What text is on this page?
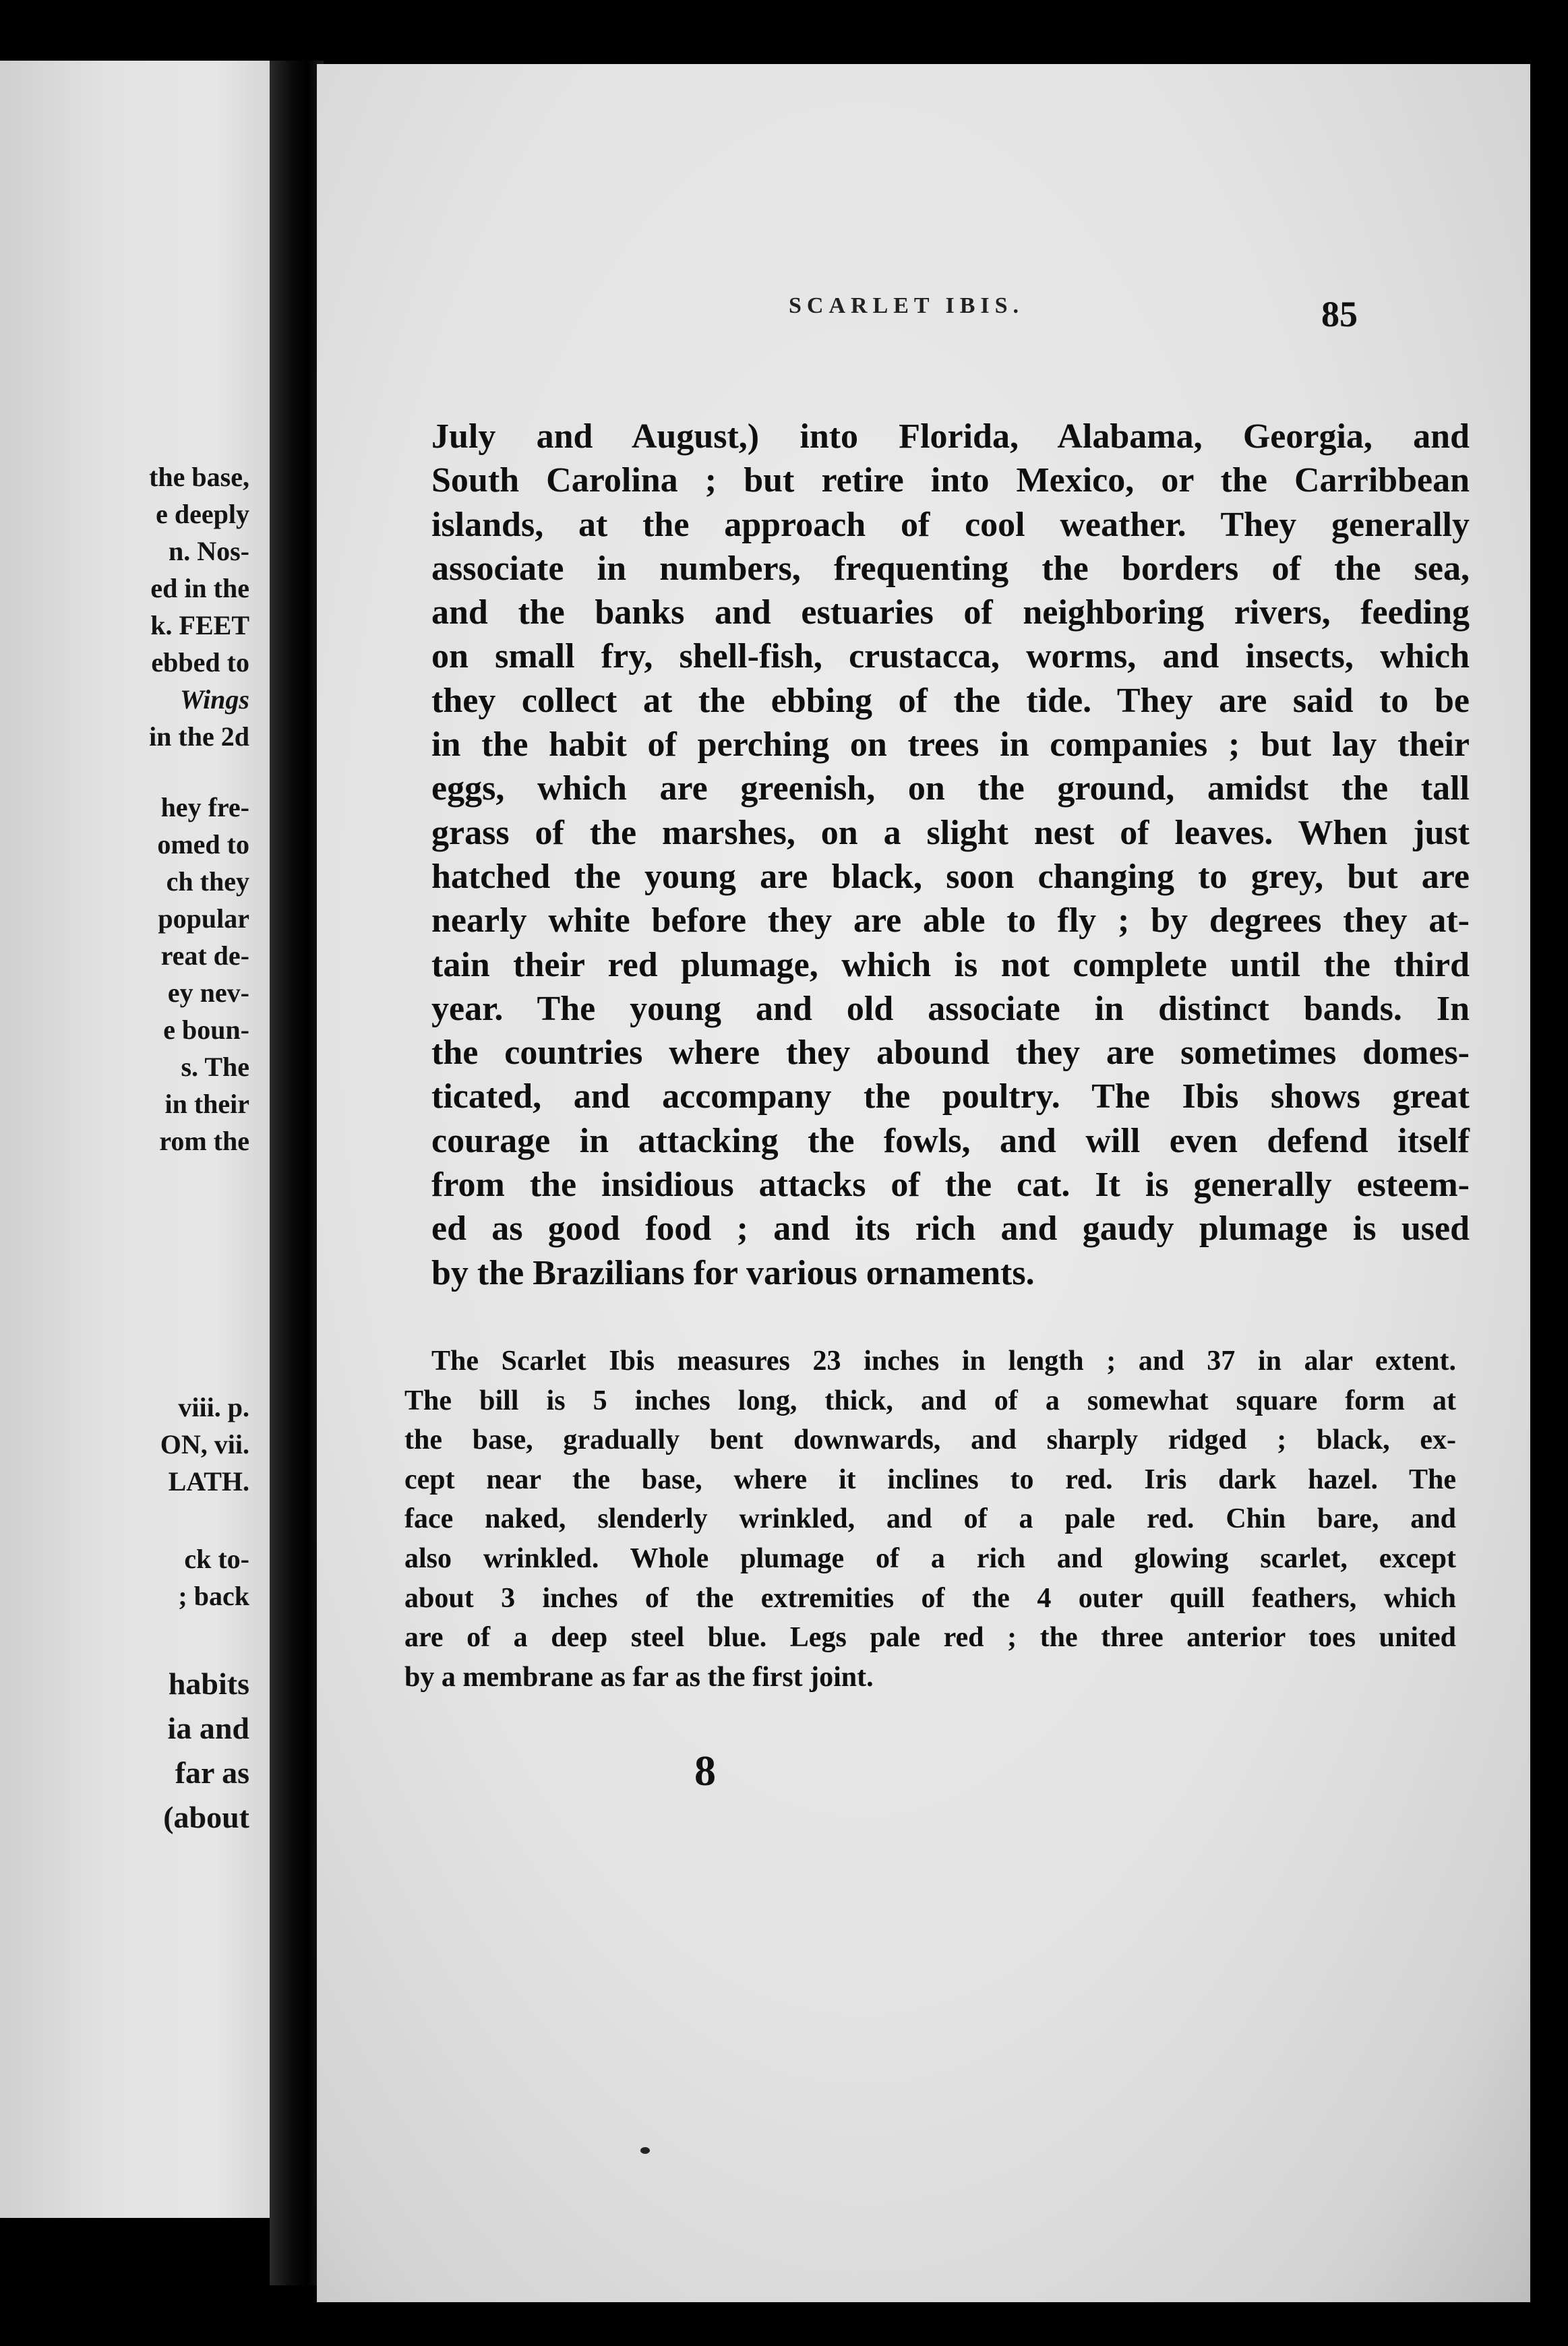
the base,
e deeply
n. Nos-
ed in the
k. FEET
ebbed to
Wings
in the 2d
hey fre-
omed to
ch they
popular
reat de-
ey nev-
e boun-
s. The
in their
rom the
viii. p.
ON, vii.
LATH.
ck to-
; back
habits
ia and
far as
(about
SCARLET IBIS.	85
July and August,) into Florida, Alabama, Georgia, and
South Carolina ; but retire into Mexico, or the Carribbean
islands, at the approach of cool weather. They generally
associate in numbers, frequenting the borders of the sea,
and the banks and estuaries of neighboring rivers, feeding
on small fry, shell-fish, crustacca, worms, and insects, which
they collect at the ebbing of the tide. They are said to be
in the habit of perching on trees in companies ; but lay their
eggs, which are greenish, on the ground, amidst the tall
grass of the marshes, on a slight nest of leaves. When just
hatched the young are black, soon changing to grey, but are
nearly white before they are able to fly ; by degrees they at-
tain their red plumage, which is not complete until the third
year. The young and old associate in distinct bands. In
the countries where they abound they are sometimes domes-
ticated, and accompany the poultry. The Ibis shows great
courage in attacking the fowls, and will even defend itself
from the insidious attacks of the cat. It is generally esteem-
ed as good food ; and its rich and gaudy plumage is used
by the Brazilians for various ornaments.
The Scarlet Ibis measures 23 inches in length ; and 37 in alar extent.
The bill is 5 inches long, thick, and of a somewhat square form at
the base, gradually bent downwards, and sharply ridged ; black, ex-
cept near the base, where it inclines to red. Iris dark hazel. The
face naked, slenderly wrinkled, and of a pale red. Chin bare, and
also wrinkled. Whole plumage of a rich and glowing scarlet, except
about 3 inches of the extremities of the 4 outer quill feathers, which
are of a deep steel blue. Legs pale red ; the three anterior toes united
by a membrane as far as the first joint.
8
